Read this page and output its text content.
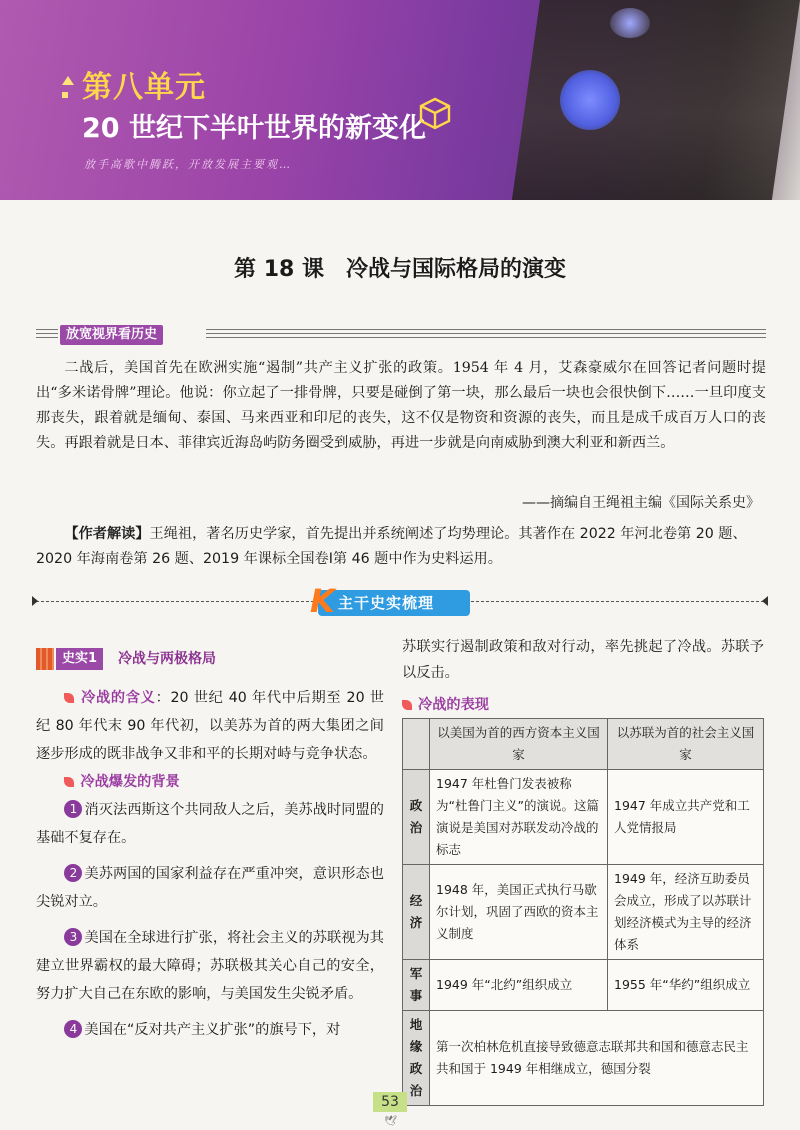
第八单元
20 世纪下半叶世界的新变化
放手高歌中腾跃，开放发展主要观…
第 18 课　冷战与国际格局的演变
放宽视界看历史

二战后，美国首先在欧洲实施“遏制”共产主义扩张的政策。1954 年 4 月，艾森豪威尔在回答记者问题时提出“多米诺骨牌”理论。他说：你立起了一排骨牌，只要是碰倒了第一块，那么最后一块也会很快倒下……一旦印度支那丧失，跟着就是缅甸、泰国、马来西亚和印尼的丧失，这不仅是物资和资源的丧失，而且是成千成百万人口的丧失。再跟着就是日本、菲律宾近海岛屿防务圈受到威胁，再进一步就是向南威胁到澳大利亚和新西兰。

——摘编自王绳祖主编《国际关系史》

【作者解读】王绳祖，著名历史学家，首先提出并系统阐述了均势理论。其著作在 2022 年河北卷第 20 题、2020 年海南卷第 26 题、2019 年课标全国卷Ⅰ第 46 题中作为史料运用。

K 主干史实梳理
史实1	冷战与两极格局

冷战的含义：20 世纪 40 年代中后期至 20 世纪 80 年代末 90 年代初，以美苏为首的两大集团之间逐步形成的既非战争又非和平的长期对峙与竞争状态。

冷战爆发的背景

1 消灭法西斯这个共同敌人之后，美苏战时同盟的基础不复存在。

2 美苏两国的国家利益存在严重冲突，意识形态也尖锐对立。

3 美国在全球进行扩张，将社会主义的苏联视为其建立世界霸权的最大障碍；苏联极其关心自己的安全，努力扩大自己在东欧的影响，与美国发生尖锐矛盾。

4 美国在“反对共产主义扩张”的旗号下，对

苏联实行遏制政策和敌对行动，率先挑起了冷战。苏联予以反击。

冷战的表现

	以美国为首的西方资本主义国家	以苏联为首的社会主义国家
政治	1947 年杜鲁门发表被称为“杜鲁门主义”的演说。这篇演说是美国对苏联发动冷战的标志	1947 年成立共产党和工人党情报局
经济	1948 年，美国正式执行马歇尔计划，巩固了西欧的资本主义制度	1949 年，经济互助委员会成立，形成了以苏联计划经济模式为主导的经济体系
军事	1949 年“北约”组织成立	1955 年“华约”组织成立
地缘政治	第一次柏林危机直接导致德意志联邦共和国和德意志民主共和国于 1949 年相继成立，德国分裂	
53
🕊
